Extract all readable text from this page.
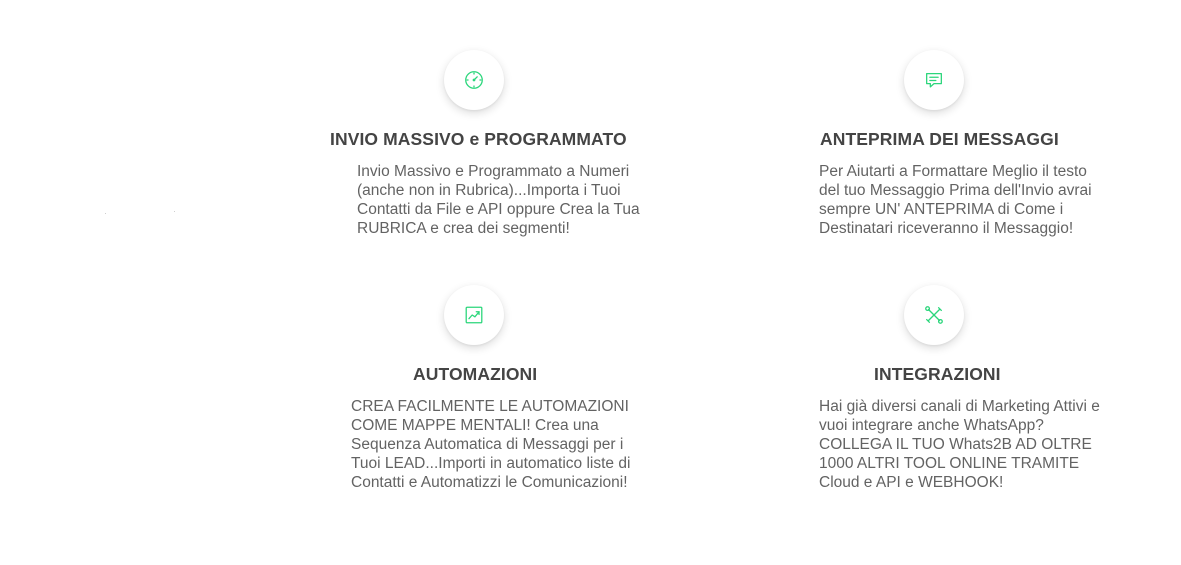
INVIO MASSIVO e PROGRAMMATO

Invio Massivo e Programmato a Numeri (anche non in Rubrica)...Importa i Tuoi Contatti da File e API oppure Crea la Tua RUBRICA e crea dei segmenti!

ANTEPRIMA DEI MESSAGGI

Per Aiutarti a Formattare Meglio il testo del tuo Messaggio Prima dell'Invio avrai sempre UN' ANTEPRIMA di Come i Destinatari riceveranno il Messaggio!

AUTOMAZIONI

CREA FACILMENTE LE AUTOMAZIONI COME MAPPE MENTALI! Crea una Sequenza Automatica di Messaggi per i Tuoi LEAD...Importi in automatico liste di Contatti e Automatizzi le Comunicazioni!

INTEGRAZIONI

Hai già diversi canali di Marketing Attivi e vuoi integrare anche WhatsApp? COLLEGA IL TUO Whats2B AD OLTRE 1000 ALTRI TOOL ONLINE TRAMITE Cloud e API e WEBHOOK!
